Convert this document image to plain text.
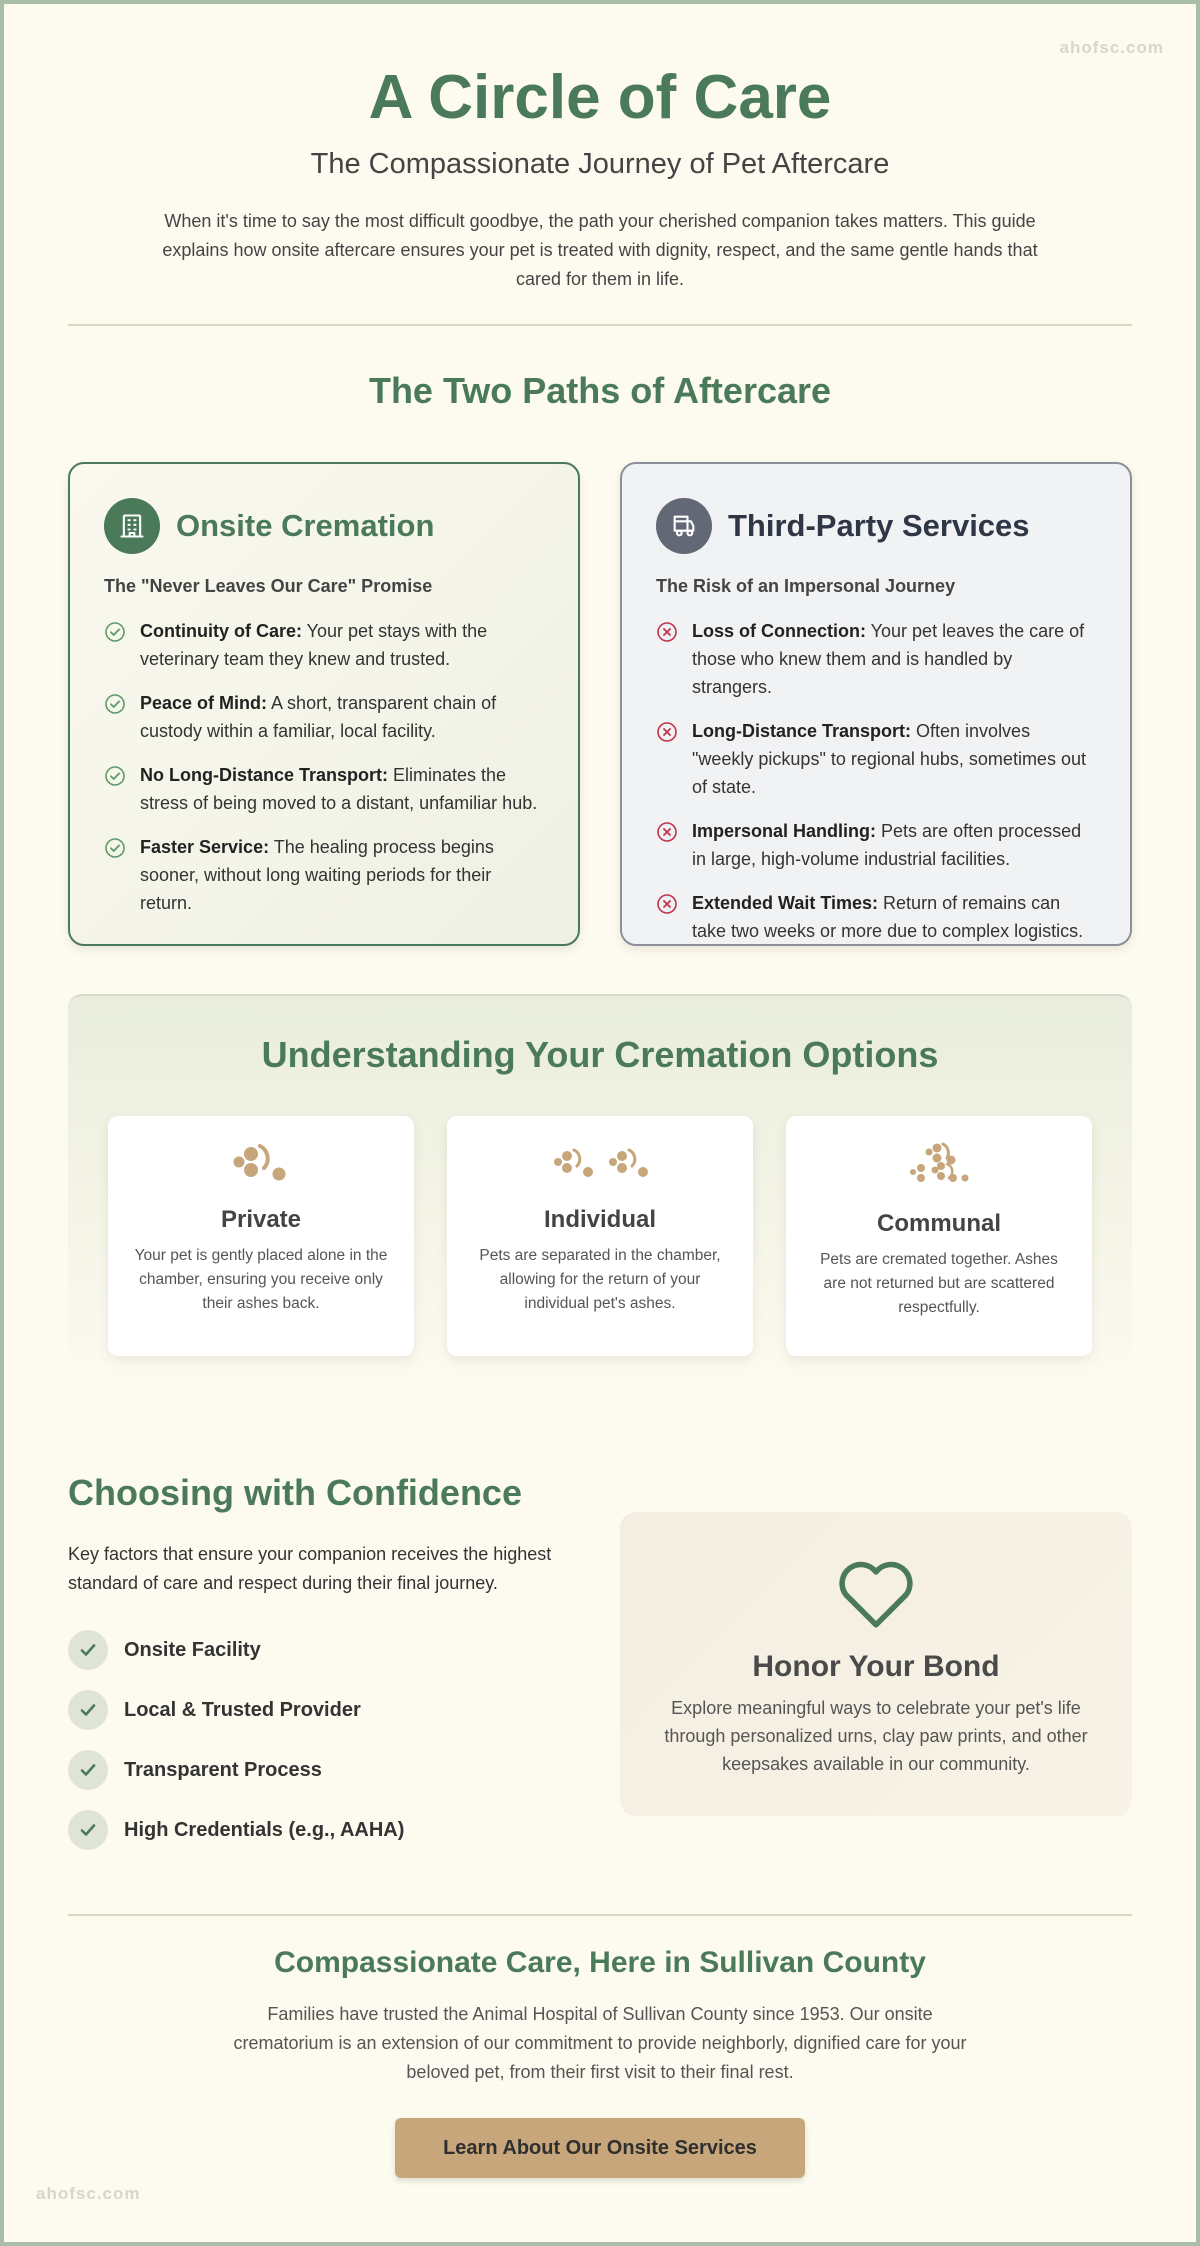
ahofsc.com
ahofsc.com
A Circle of Care
The Compassionate Journey of Pet Aftercare

When it's time to say the most difficult goodbye, the path your cherished companion takes matters. This guide explains how onsite aftercare ensures your pet is treated with dignity, respect, and the same gentle hands that cared for them in life.

The Two Paths of Aftercare
Onsite Cremation
The "Never Leaves Our Care" Promise
Continuity of Care: Your pet stays with the veterinary team they knew and trusted.
Peace of Mind: A short, transparent chain of custody within a familiar, local facility.
No Long-Distance Transport: Eliminates the stress of being moved to a distant, unfamiliar hub.
Faster Service: The healing process begins sooner, without long waiting periods for their return.
Third-Party Services
The Risk of an Impersonal Journey
Loss of Connection: Your pet leaves the care of those who knew them and is handled by strangers.
Long-Distance Transport: Often involves "weekly pickups" to regional hubs, sometimes out of state.
Impersonal Handling: Pets are often processed in large, high-volume industrial facilities.
Extended Wait Times: Return of remains can take two weeks or more due to complex logistics.
Understanding Your Cremation Options
Private
Your pet is gently placed alone in the chamber, ensuring you receive only their ashes back.
Individual
Pets are separated in the chamber, allowing for the return of your individual pet's ashes.
Communal
Pets are cremated together. Ashes are not returned but are scattered respectfully.
Choosing with Confidence
Key factors that ensure your companion receives the highest standard of care and respect during their final journey.
Onsite Facility
Local & Trusted Provider
Transparent Process
High Credentials (e.g., AAHA)
Honor Your Bond
Explore meaningful ways to celebrate your pet's life through personalized urns, clay paw prints, and other keepsakes available in our community.
Compassionate Care, Here in Sullivan County
Families have trusted the Animal Hospital of Sullivan County since 1953. Our onsite crematorium is an extension of our commitment to provide neighborly, dignified care for your beloved pet, from their first visit to their final rest.
Learn About Our Onsite Services
